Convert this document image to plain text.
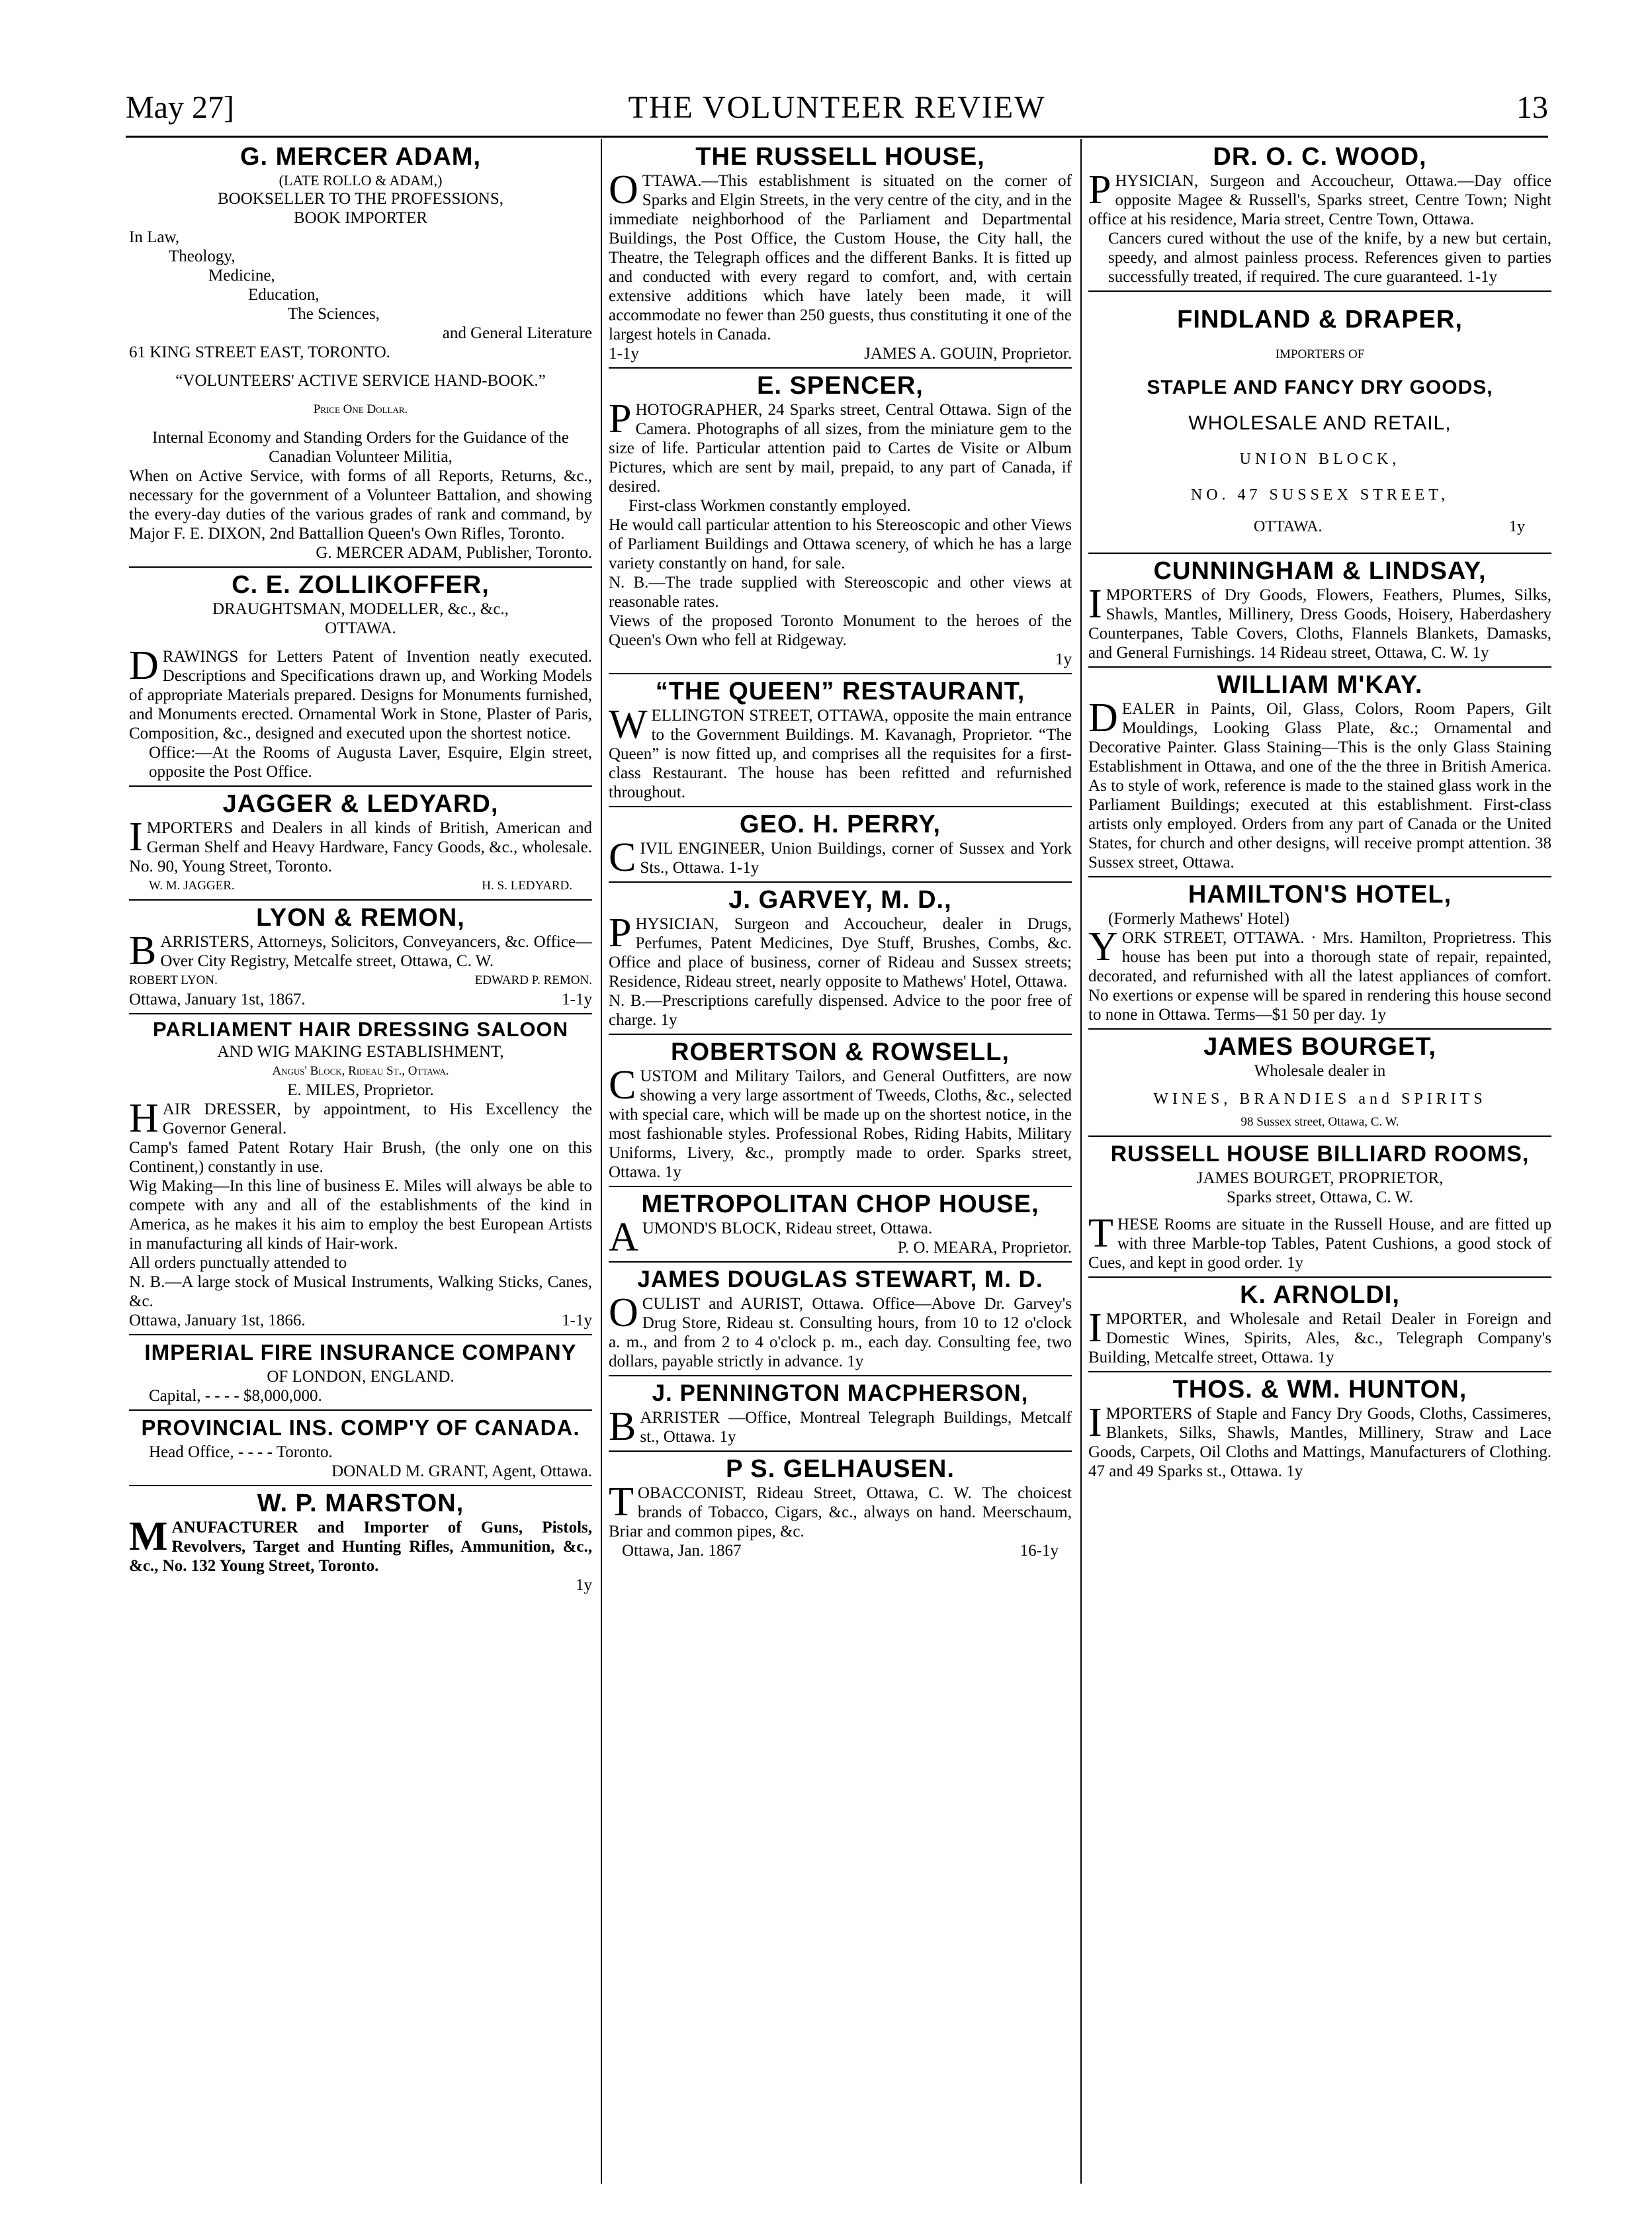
May 27]	THE VOLUNTEER REVIEW	13
G. MERCER ADAM,
(LATE ROLLO & ADAM,)
BOOKSELLER TO THE PROFESSIONS,
BOOK IMPORTER
In Law,
Theology,
Medicine,
Education,
The Sciences,
and General Literature
61 KING STREET EAST, TORONTO.
“VOLUNTEERS' ACTIVE SERVICE HAND-BOOK.”
Price One Dollar.
Internal Economy and Standing Orders for the Guidance of the Canadian Volunteer Militia,
When on Active Service, with forms of all Reports, Returns, &c., necessary for the government of a Volunteer Battalion, and showing the every-day duties of the various grades of rank and command, by Major F. E. DIXON, 2nd Battallion Queen's Own Rifles, Toronto.
G. MERCER ADAM, Publisher, Toronto.
C. E. ZOLLIKOFFER,
DRAUGHTSMAN, MODELLER, &c., &c.,
OTTAWA.
DRAWINGS for Letters Patent of Invention neatly executed. Descriptions and Specifications drawn up, and Working Models of appropriate Materials prepared. Designs for Monuments furnished, and Monuments erected. Ornamental Work in Stone, Plaster of Paris, Composition, &c., designed and executed upon the shortest notice.
Office:—At the Rooms of Augusta Laver, Esquire, Elgin street, opposite the Post Office.
JAGGER & LEDYARD,
IMPORTERS and Dealers in all kinds of British, American and German Shelf and Heavy Hardware, Fancy Goods, &c., wholesale. No. 90, Young Street, Toronto.
W. M. JAGGER.	H. S. LEDYARD.
LYON & REMON,
BARRISTERS, Attorneys, Solicitors, Conveyancers, &c. Office—Over City Registry, Metcalfe street, Ottawa, C. W.
ROBERT LYON.	EDWARD P. REMON.
Ottawa, January 1st, 1867.	1-1y
PARLIAMENT HAIR DRESSING SALOON
AND WIG MAKING ESTABLISHMENT,
Angus' Block, Rideau St., Ottawa.
E. MILES, Proprietor.
HAIR DRESSER, by appointment, to His Excellency the Governor General.
Camp's famed Patent Rotary Hair Brush, (the only one on this Continent,) constantly in use.
Wig Making—In this line of business E. Miles will always be able to compete with any and all of the establishments of the kind in America, as he makes it his aim to employ the best European Artists in manufacturing all kinds of Hair-work.
All orders punctually attended to
N. B.—A large stock of Musical Instruments, Walking Sticks, Canes, &c.
Ottawa, January 1st, 1866.	1-1y
IMPERIAL FIRE INSURANCE COMPANY
OF LONDON, ENGLAND.
Capital, - - - - $8,000,000.
PROVINCIAL INS. COMP'Y OF CANADA.
Head Office, - - - - Toronto.
DONALD M. GRANT, Agent, Ottawa.
W. P. MARSTON,
MANUFACTURER and Importer of Guns, Pistols, Revolvers, Target and Hunting Rifles, Ammunition, &c., &c., No. 132 Young Street, Toronto.
1y
THE RUSSELL HOUSE,
OTTAWA.—This establishment is situated on the corner of Sparks and Elgin Streets, in the very centre of the city, and in the immediate neighborhood of the Parliament and Departmental Buildings, the Post Office, the Custom House, the City hall, the Theatre, the Telegraph offices and the different Banks. It is fitted up and conducted with every regard to comfort, and, with certain extensive additions which have lately been made, it will accommodate no fewer than 250 guests, thus constituting it one of the largest hotels in Canada.
1-1y	JAMES A. GOUIN, Proprietor.
E. SPENCER,
PHOTOGRAPHER, 24 Sparks street, Central Ottawa. Sign of the Camera. Photographs of all sizes, from the miniature gem to the size of life. Particular attention paid to Cartes de Visite or Album Pictures, which are sent by mail, prepaid, to any part of Canada, if desired.
First-class Workmen constantly employed.
He would call particular attention to his Stereoscopic and other Views of Parliament Buildings and Ottawa scenery, of which he has a large variety constantly on hand, for sale.
N. B.—The trade supplied with Stereoscopic and other views at reasonable rates.
Views of the proposed Toronto Monument to the heroes of the Queen's Own who fell at Ridgeway.
1y
“THE QUEEN” RESTAURANT,
WELLINGTON STREET, OTTAWA, opposite the main entrance to the Government Buildings. M. Kavanagh, Proprietor. “The Queen” is now fitted up, and comprises all the requisites for a first-class Restaurant. The house has been refitted and refurnished throughout.
GEO. H. PERRY,
CIVIL ENGINEER, Union Buildings, corner of Sussex and York Sts., Ottawa. 1-1y
J. GARVEY, M. D.,
PHYSICIAN, Surgeon and Accoucheur, dealer in Drugs, Perfumes, Patent Medicines, Dye Stuff, Brushes, Combs, &c. Office and place of business, corner of Rideau and Sussex streets; Residence, Rideau street, nearly opposite to Mathews' Hotel, Ottawa.
N. B.—Prescriptions carefully dispensed. Advice to the poor free of charge. 1y
ROBERTSON & ROWSELL,
CUSTOM and Military Tailors, and General Outfitters, are now showing a very large assortment of Tweeds, Cloths, &c., selected with special care, which will be made up on the shortest notice, in the most fashionable styles. Professional Robes, Riding Habits, Military Uniforms, Livery, &c., promptly made to order. Sparks street, Ottawa. 1y
METROPOLITAN CHOP HOUSE,
AUMOND'S BLOCK, Rideau street, Ottawa.
P. O. MEARA, Proprietor.
JAMES DOUGLAS STEWART, M. D.
OCULIST and AURIST, Ottawa. Office—Above Dr. Garvey's Drug Store, Rideau st. Consulting hours, from 10 to 12 o'clock a. m., and from 2 to 4 o'clock p. m., each day. Consulting fee, two dollars, payable strictly in advance. 1y
J. PENNINGTON MACPHERSON,
BARRISTER —Office, Montreal Telegraph Buildings, Metcalf st., Ottawa. 1y
P S. GELHAUSEN.
TOBACCONIST, Rideau Street, Ottawa, C. W. The choicest brands of Tobacco, Cigars, &c., always on hand. Meerschaum, Briar and common pipes, &c.
Ottawa, Jan. 1867	16-1y
DR. O. C. WOOD,
PHYSICIAN, Surgeon and Accoucheur, Ottawa.—Day office opposite Magee & Russell's, Sparks street, Centre Town; Night office at his residence, Maria street, Centre Town, Ottawa.
Cancers cured without the use of the knife, by a new but certain, speedy, and almost painless process. References given to parties successfully treated, if required. The cure guaranteed. 1-1y
FINDLAND & DRAPER,
IMPORTERS OF
STAPLE AND FANCY DRY GOODS,
WHOLESALE AND RETAIL,
UNION BLOCK,
NO. 47 SUSSEX STREET,
OTTAWA.	1y
CUNNINGHAM & LINDSAY,
IMPORTERS of Dry Goods, Flowers, Feathers, Plumes, Silks, Shawls, Mantles, Millinery, Dress Goods, Hoisery, Haberdashery Counterpanes, Table Covers, Cloths, Flannels Blankets, Damasks, and General Furnishings. 14 Rideau street, Ottawa, C. W. 1y
WILLIAM M'KAY.
DEALER in Paints, Oil, Glass, Colors, Room Papers, Gilt Mouldings, Looking Glass Plate, &c.; Ornamental and Decorative Painter. Glass Staining—This is the only Glass Staining Establishment in Ottawa, and one of the the three in British America. As to style of work, reference is made to the stained glass work in the Parliament Buildings; executed at this establishment. First-class artists only employed. Orders from any part of Canada or the United States, for church and other designs, will receive prompt attention. 38 Sussex street, Ottawa.
HAMILTON'S HOTEL,
(Formerly Mathews' Hotel)
YORK STREET, OTTAWA. · Mrs. Hamilton, Proprietress. This house has been put into a thorough state of repair, repainted, decorated, and refurnished with all the latest appliances of comfort. No exertions or expense will be spared in rendering this house second to none in Ottawa. Terms—$1 50 per day. 1y
JAMES BOURGET,
Wholesale dealer in
WINES, BRANDIES and SPIRITS
98 Sussex street, Ottawa, C. W.
RUSSELL HOUSE BILLIARD ROOMS,
JAMES BOURGET, PROPRIETOR,
Sparks street, Ottawa, C. W.
THESE Rooms are situate in the Russell House, and are fitted up with three Marble-top Tables, Patent Cushions, a good stock of Cues, and kept in good order. 1y
K. ARNOLDI,
IMPORTER, and Wholesale and Retail Dealer in Foreign and Domestic Wines, Spirits, Ales, &c., Telegraph Company's Building, Metcalfe street, Ottawa. 1y
THOS. & WM. HUNTON,
IMPORTERS of Staple and Fancy Dry Goods, Cloths, Cassimeres, Blankets, Silks, Shawls, Mantles, Millinery, Straw and Lace Goods, Carpets, Oil Cloths and Mattings, Manufacturers of Clothing. 47 and 49 Sparks st., Ottawa. 1y
